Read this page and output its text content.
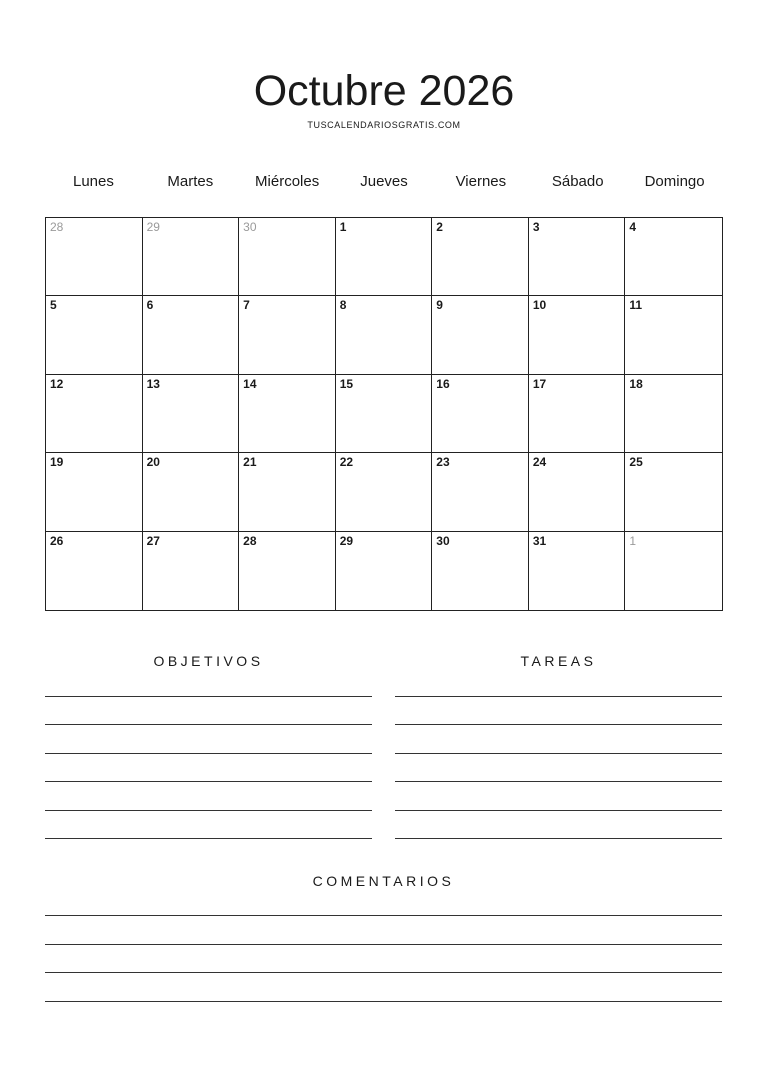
Octubre 2026
TUSCALENDARIOSGRATIS.COM
Lunes	Martes	Miércoles	Jueves	Viernes	Sábado	Domingo
28	29	30	1	2	3	4
5	6	7	8	9	10	11
12	13	14	15	16	17	18
19	20	21	22	23	24	25
26	27	28	29	30	31	1
OBJETIVOS	TAREAS
COMENTARIOS
